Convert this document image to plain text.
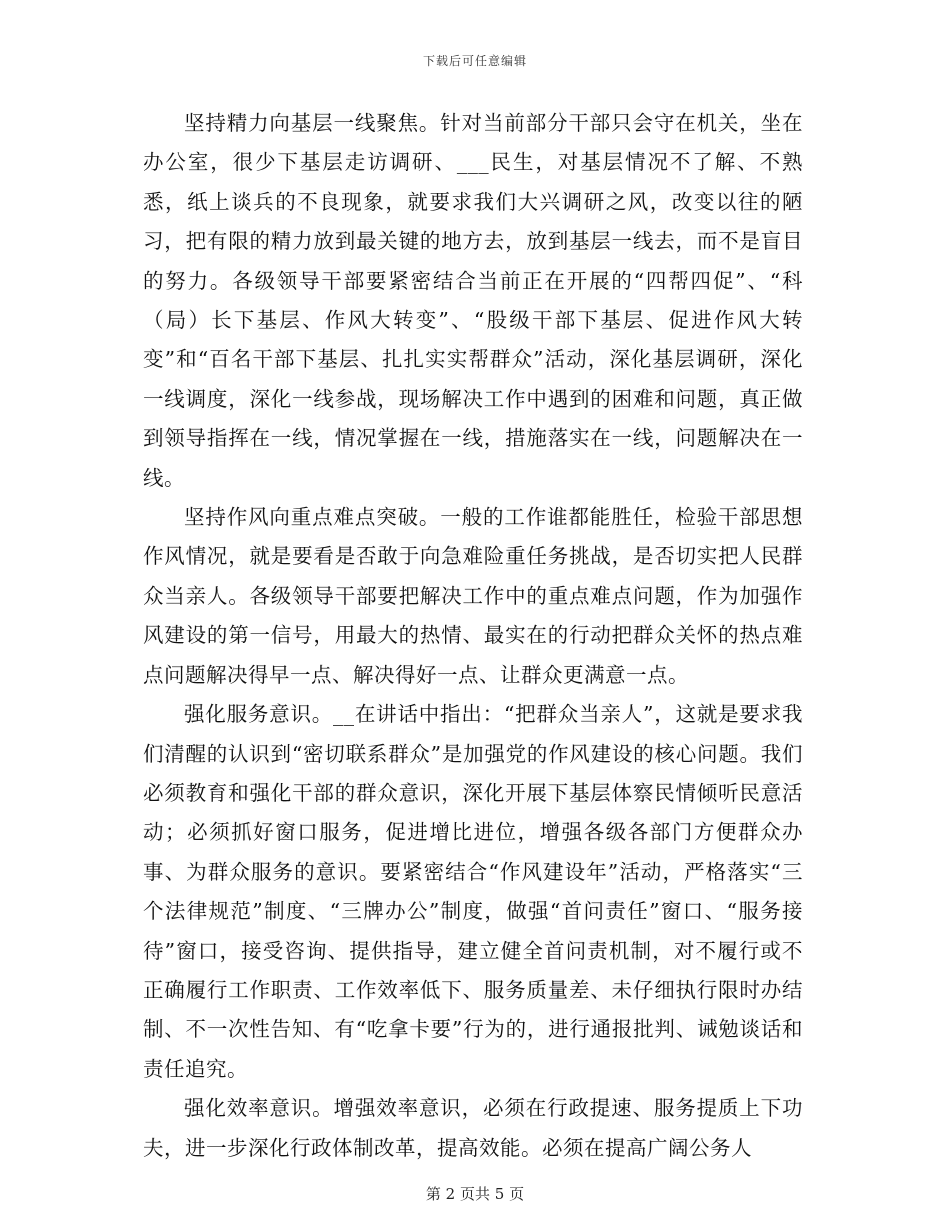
下载后可任意编辑

坚持精力向基层一线聚焦。针对当前部分干部只会守在机关，坐在办公室，很少下基层走访调研、___民生，对基层情况不了解、不熟悉，纸上谈兵的不良现象，就要求我们大兴调研之风，改变以往的陋习，把有限的精力放到最关键的地方去，放到基层一线去，而不是盲目的努力。各级领导干部要紧密结合当前正在开展的“四帮四促”、“科（局）长下基层、作风大转变”、“股级干部下基层、促进作风大转变”和“百名干部下基层、扎扎实实帮群众”活动，深化基层调研，深化一线调度，深化一线参战，现场解决工作中遇到的困难和问题，真正做到领导指挥在一线，情况掌握在一线，措施落实在一线，问题解决在一线。

坚持作风向重点难点突破。一般的工作谁都能胜任，检验干部思想作风情况，就是要看是否敢于向急难险重任务挑战，是否切实把人民群众当亲人。各级领导干部要把解决工作中的重点难点问题，作为加强作风建设的第一信号，用最大的热情、最实在的行动把群众关怀的热点难点问题解决得早一点、解决得好一点、让群众更满意一点。

强化服务意识。__在讲话中指出：“把群众当亲人”，这就是要求我们清醒的认识到“密切联系群众”是加强党的作风建设的核心问题。我们必须教育和强化干部的群众意识，深化开展下基层体察民情倾听民意活动；必须抓好窗口服务，促进增比进位，增强各级各部门方便群众办事、为群众服务的意识。要紧密结合“作风建设年”活动，严格落实“三个法律规范”制度、“三牌办公”制度，做强“首问责任”窗口、“服务接待”窗口，接受咨询、提供指导，建立健全首问责机制，对不履行或不正确履行工作职责、工作效率低下、服务质量差、未仔细执行限时办结制、不一次性告知、有“吃拿卡要”行为的，进行通报批判、诫勉谈话和责任追究。

强化效率意识。增强效率意识，必须在行政提速、服务提质上下功夫，进一步深化行政体制改革，提高效能。必须在提高广阔公务人

第 2 页共 5 页
